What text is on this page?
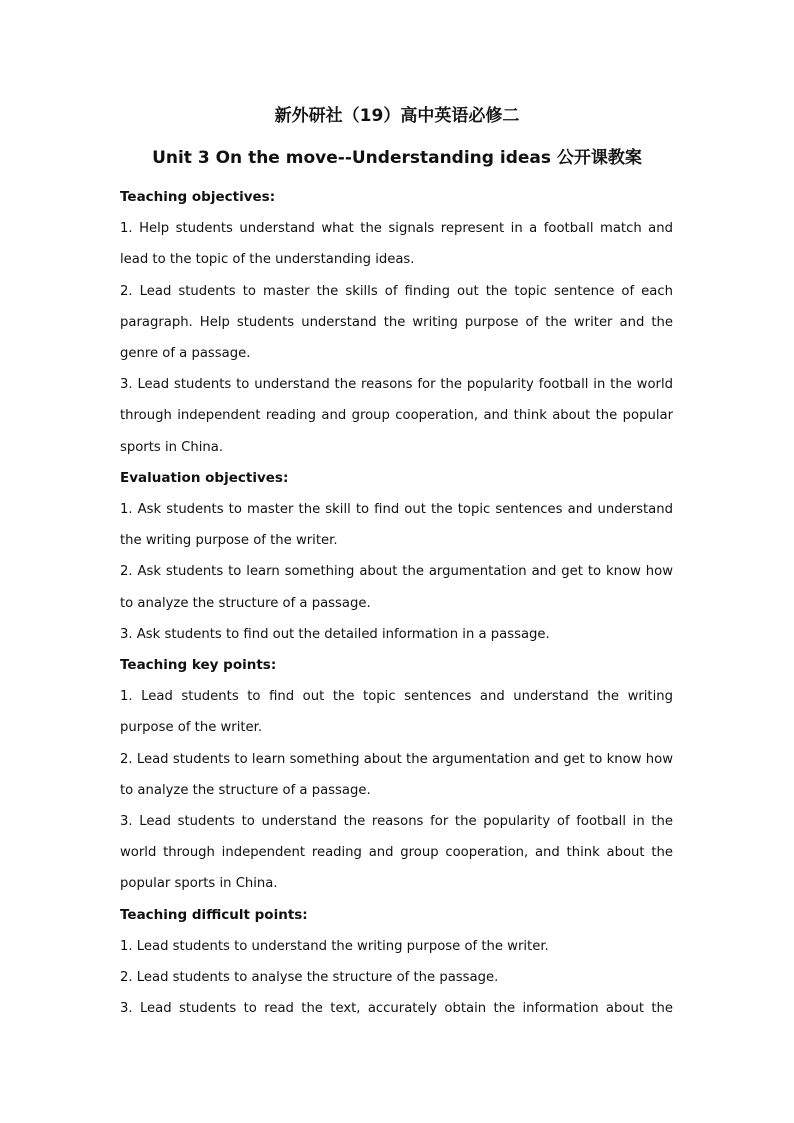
新外研社（19）高中英语必修二
Unit 3 On the move--Understanding ideas 公开课教案

Teaching objectives:

1. Help students understand what the signals represent in a football match and lead to the topic of the understanding ideas.

2. Lead students to master the skills of finding out the topic sentence of each paragraph. Help students understand the writing purpose of the writer and the genre of a passage.

3. Lead students to understand the reasons for the popularity football in the world through independent reading and group cooperation, and think about the popular sports in China.

Evaluation objectives:

1. Ask students to master the skill to find out the topic sentences and understand the writing purpose of the writer.

2. Ask students to learn something about the argumentation and get to know how to analyze the structure of a passage.

3. Ask students to find out the detailed information in a passage.

Teaching key points:

1. Lead students to find out the topic sentences and understand the writing purpose of the writer.

2. Lead students to learn something about the argumentation and get to know how to analyze the structure of a passage.

3. Lead students to understand the reasons for the popularity of football in the world through independent reading and group cooperation, and think about the popular sports in China.

Teaching difficult points:

1. Lead students to understand the writing purpose of the writer.

2. Lead students to analyse the structure of the passage.

3. Lead students to read the text, accurately obtain the information about the
